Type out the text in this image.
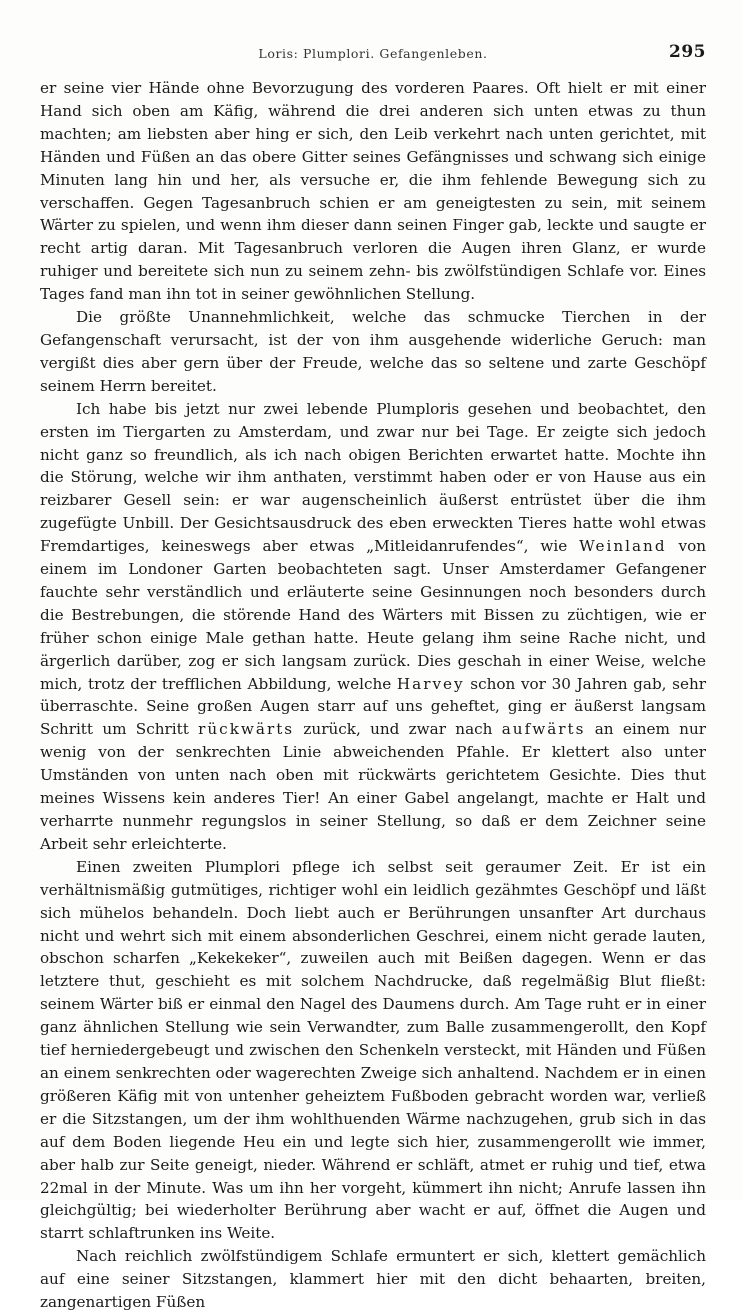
Loris: Plumplori. Gefangenleben.	295

er seine vier Hände ohne Bevorzugung des vorderen Paares. Oft hielt er mit einer Hand sich oben am Käfig, während die drei anderen sich unten etwas zu thun machten; am liebsten aber hing er sich, den Leib verkehrt nach unten gerichtet, mit Händen und Füßen an das obere Gitter seines Gefängnisses und schwang sich einige Minuten lang hin und her, als versuche er, die ihm fehlende Bewegung sich zu verschaffen. Gegen Tagesanbruch schien er am geneigtesten zu sein, mit seinem Wärter zu spielen, und wenn ihm dieser dann seinen Finger gab, leckte und saugte er recht artig daran. Mit Tagesanbruch verloren die Augen ihren Glanz, er wurde ruhiger und bereitete sich nun zu seinem zehn- bis zwölfstündigen Schlafe vor. Eines Tages fand man ihn tot in seiner gewöhnlichen Stellung.

Die größte Unannehmlichkeit, welche das schmucke Tierchen in der Gefangenschaft verursacht, ist der von ihm ausgehende widerliche Geruch: man vergißt dies aber gern über der Freude, welche das so seltene und zarte Geschöpf seinem Herrn bereitet.

Ich habe bis jetzt nur zwei lebende Plumploris gesehen und beobachtet, den ersten im Tiergarten zu Amsterdam, und zwar nur bei Tage. Er zeigte sich jedoch nicht ganz so freundlich, als ich nach obigen Berichten erwartet hatte. Mochte ihn die Störung, welche wir ihm anthaten, verstimmt haben oder er von Hause aus ein reizbarer Gesell sein: er war augenscheinlich äußerst entrüstet über die ihm zugefügte Unbill. Der Gesichtsausdruck des eben erweckten Tieres hatte wohl etwas Fremdartiges, keineswegs aber etwas „Mitleidanrufendes“, wie Weinland von einem im Londoner Garten beobachteten sagt. Unser Amsterdamer Gefangener fauchte sehr verständlich und erläuterte seine Gesinnungen noch besonders durch die Bestrebungen, die störende Hand des Wärters mit Bissen zu züchtigen, wie er früher schon einige Male gethan hatte. Heute gelang ihm seine Rache nicht, und ärgerlich darüber, zog er sich langsam zurück. Dies geschah in einer Weise, welche mich, trotz der trefflichen Abbildung, welche Harvey schon vor 30 Jahren gab, sehr überraschte. Seine großen Augen starr auf uns geheftet, ging er äußerst langsam Schritt um Schritt rückwärts zurück, und zwar nach aufwärts an einem nur wenig von der senkrechten Linie abweichenden Pfahle. Er klettert also unter Umständen von unten nach oben mit rückwärts gerichtetem Gesichte. Dies thut meines Wissens kein anderes Tier! An einer Gabel angelangt, machte er Halt und verharrte nunmehr regungslos in seiner Stellung, so daß er dem Zeichner seine Arbeit sehr erleichterte.

Einen zweiten Plumplori pflege ich selbst seit geraumer Zeit. Er ist ein verhältnismäßig gutmütiges, richtiger wohl ein leidlich gezähmtes Geschöpf und läßt sich mühelos behandeln. Doch liebt auch er Berührungen unsanfter Art durchaus nicht und wehrt sich mit einem absonderlichen Geschrei, einem nicht gerade lauten, obschon scharfen „Kekekeker“, zuweilen auch mit Beißen dagegen. Wenn er das letztere thut, geschieht es mit solchem Nachdrucke, daß regelmäßig Blut fließt: seinem Wärter biß er einmal den Nagel des Daumens durch. Am Tage ruht er in einer ganz ähnlichen Stellung wie sein Verwandter, zum Balle zusammengerollt, den Kopf tief herniedergebeugt und zwischen den Schenkeln versteckt, mit Händen und Füßen an einem senkrechten oder wagerechten Zweige sich anhaltend. Nachdem er in einen größeren Käfig mit von untenher geheiztem Fußboden gebracht worden war, verließ er die Sitzstangen, um der ihm wohlthuenden Wärme nachzugehen, grub sich in das auf dem Boden liegende Heu ein und legte sich hier, zusammengerollt wie immer, aber halb zur Seite geneigt, nieder. Während er schläft, atmet er ruhig und tief, etwa 22mal in der Minute. Was um ihn her vorgeht, kümmert ihn nicht; Anrufe lassen ihn gleichgültig; bei wiederholter Berührung aber wacht er auf, öffnet die Augen und starrt schlaftrunken ins Weite.

Nach reichlich zwölfstündigem Schlafe ermuntert er sich, klettert gemächlich auf eine seiner Sitzstangen, klammert hier mit den dicht behaarten, breiten, zangenartigen Füßen
